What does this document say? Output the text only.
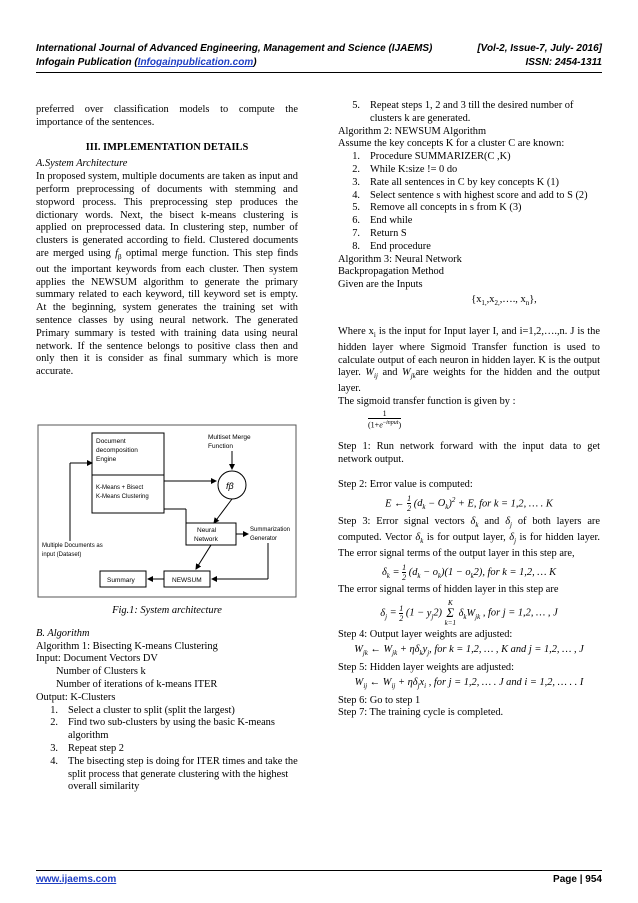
International Journal of Advanced Engineering, Management and Science (IJAEMS)	[Vol-2, Issue-7, July- 2016]
Infogain Publication (Infogainpublication.com)	ISSN: 2454-1311

preferred over classification models to compute the importance of the sentences.

III. IMPLEMENTATION DETAILS
A.System Architecture

In proposed system, multiple documents are taken as input and perform preprocessing of documents with stemming and stopword process. This preprocessing step produces the dictionary words. Next, the bisect k-means clustering is applied on preprocessed data. In clustering step, number of clusters is generated according to field. Clustered documents are merged using $f_\beta$ optimal merge function. This step finds out the important keywords from each cluster. Then system applies the NEWSUM algorithm to generate the primary summary related to each keyword, till keyword set is empty. At the beginning, system generates the training set with sentence classes by using neural network. The generated Primary summary is tested with training data using neural network. If the sentence belongs to positive class then and only then it is consider as final summary which is more accurate.

Document
decomposition
Engine
Multiset Merge
Function
fβ
K-Means + Bisect
K-Means Clustering
Neural
Network
Summarization
Generator
Multiple Documents as
input (Dataset)
Summary	NEWSUM
Fig.1: System architecture
B. Algorithm
Algorithm 1: Bisecting K-means Clustering
Input: Document Vectors DV
Number of Clusters k
Number of iterations of k-means ITER
Output: K-Clusters
1. Select a cluster to split (split the largest)
2. Find two sub-clusters by using the basic K-means algorithm
3. Repeat step 2
4. The bisecting step is doing for ITER times and take the split process that generate clustering with the highest overall similarity
5. Repeat steps 1, 2 and 3 till the desired number of clusters k are generated.
Algorithm 2: NEWSUM Algorithm
Assume the key concepts K for a cluster C are known:
1. Procedure SUMMARIZER(C ,K)
2. While K:size != 0 do
3. Rate all sentences in C by key concepts K (1)
4. Select sentence s with highest score and add to S (2)
5. Remove all concepts in s from K (3)
6. End while
7. Return S
8. End procedure
Algorithm 3: Neural Network
Backpropagation Method
Given are the Inputs
{$x_{1,},x_{2,},\dots$., $x_n$},

Where $x_i$ is the input for Input layer I, and i=1,2,….,n. J is the hidden layer where Sigmoid Transfer function is used to calculate output of each neuron in hidden layer. K is the output layer. $W_{ij}$ and $W_{jk}are$ weights for the hidden and the output layer.

The sigmoid transfer function is given by :
1
$(1+e^{-input})$

Step 1: Run network forward with the input data to get network output.

Step 2: Error value is computed:
E ← $\frac{1}{2} (d_k - O_k)^2 + E$, for k = 1,2, … . K

Step 3: Error signal vectors $\delta_k$ and $\delta_j$ of both layers are computed. Vector $\delta_k$ is for output layer, $\delta_j$ is for hidden layer. The error signal terms of the output layer in this step are,

$\delta_k = \frac{1}{2} (d_k - o_k)(1 - o_k2)$, for k = 1,2, … K
The error signal terms of hidden layer in this step are
$\delta_j = \frac{1}{2} (1 - y_j2)$
K
Σ
k=1
$\delta_kW_{jk}$ , for j = 1,2, … , J
Step 4: Output layer weights are adjusted:
$W_{jk}$ ← $W_{jk} + \eta\delta_ky_j$, for k = 1,2, … , K and j = 1,2, … , J
Step 5: Hidden layer weights are adjusted:
$W_{ij}$ ← $W_{ij} + \eta\delta_jx_i$ , for j = 1,2, … . J and i = 1,2, … . . I
Step 6: Go to step 1
Step 7: The training cycle is completed.
www.ijaems.com	Page | 954
